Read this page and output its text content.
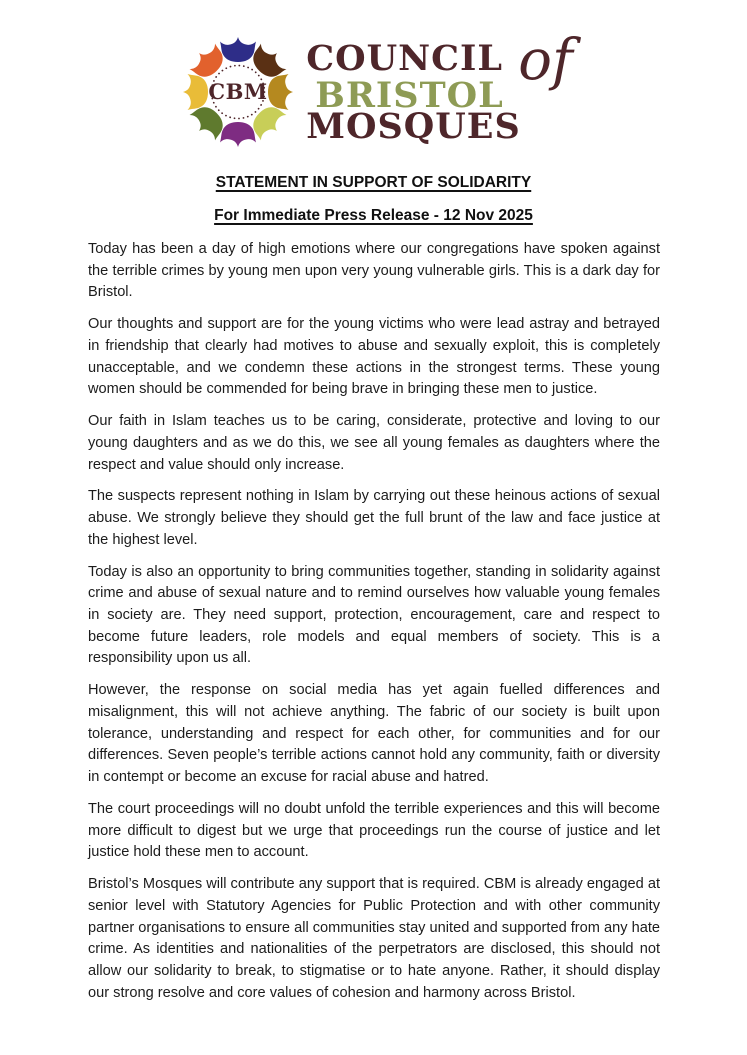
CBM
COUNCIL of
BRISTOL
MOSQUES
STATEMENT IN SUPPORT OF SOLIDARITY
For Immediate Press Release - 12 Nov 2025

Today has been a day of high emotions where our congregations have spoken against the terrible crimes by young men upon very young vulnerable girls. This is a dark day for Bristol.

Our thoughts and support are for the young victims who were lead astray and betrayed in friendship that clearly had motives to abuse and sexually exploit, this is completely unacceptable, and we condemn these actions in the strongest terms. These young women should be commended for being brave in bringing these men to justice.

Our faith in Islam teaches us to be caring, considerate, protective and loving to our young daughters and as we do this, we see all young females as daughters where the respect and value should only increase.

The suspects represent nothing in Islam by carrying out these heinous actions of sexual abuse. We strongly believe they should get the full brunt of the law and face justice at the highest level.

Today is also an opportunity to bring communities together, standing in solidarity against crime and abuse of sexual nature and to remind ourselves how valuable young females in society are. They need support, protection, encouragement, care and respect to become future leaders, role models and equal members of society. This is a responsibility upon us all.

However, the response on social media has yet again fuelled differences and misalignment, this will not achieve anything. The fabric of our society is built upon tolerance, understanding and respect for each other, for communities and for our differences. Seven people’s terrible actions cannot hold any community, faith or diversity in contempt or become an excuse for racial abuse and hatred.

The court proceedings will no doubt unfold the terrible experiences and this will become more difficult to digest but we urge that proceedings run the course of justice and let justice hold these men to account.

Bristol’s Mosques will contribute any support that is required. CBM is already engaged at senior level with Statutory Agencies for Public Protection and with other community partner organisations to ensure all communities stay united and supported from any hate crime. As identities and nationalities of the perpetrators are disclosed, this should not allow our solidarity to break, to stigmatise or to hate anyone. Rather, it should display our strong resolve and core values of cohesion and harmony across Bristol.
